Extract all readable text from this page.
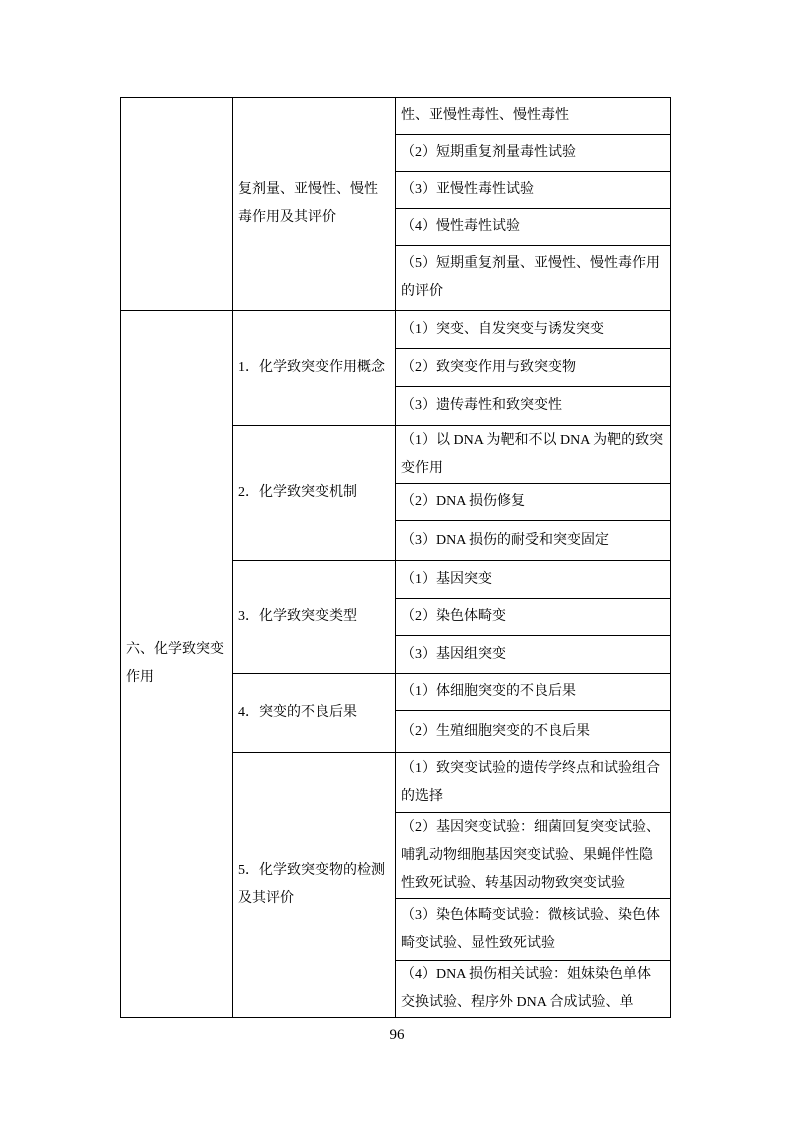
	复剂量、亚慢性、慢性毒作用及其评价	性、亚慢性毒性、慢性毒性
		（2）短期重复剂量毒性试验
		（3）亚慢性毒性试验
		（4）慢性毒性试验
		（5）短期重复剂量、亚慢性、慢性毒作用的评价
六、化学致突变作用	1．化学致突变作用概念	（1）突变、自发突变与诱发突变
		（2）致突变作用与致突变物
		（3）遗传毒性和致突变性
	2．化学致突变机制	（1）以 DNA 为靶和不以 DNA 为靶的致突变作用
		（2）DNA 损伤修复
		（3）DNA 损伤的耐受和突变固定
	3．化学致突变类型	（1）基因突变
		（2）染色体畸变
		（3）基因组突变
	4．突变的不良后果	（1）体细胞突变的不良后果
		（2）生殖细胞突变的不良后果
	5．化学致突变物的检测及其评价	（1）致突变试验的遗传学终点和试验组合的选择
		（2）基因突变试验：细菌回复突变试验、哺乳动物细胞基因突变试验、果蝇伴性隐性致死试验、转基因动物致突变试验
		（3）染色体畸变试验：微核试验、染色体畸变试验、显性致死试验
		（4）DNA 损伤相关试验：姐妹染色单体交换试验、程序外 DNA 合成试验、单
96
